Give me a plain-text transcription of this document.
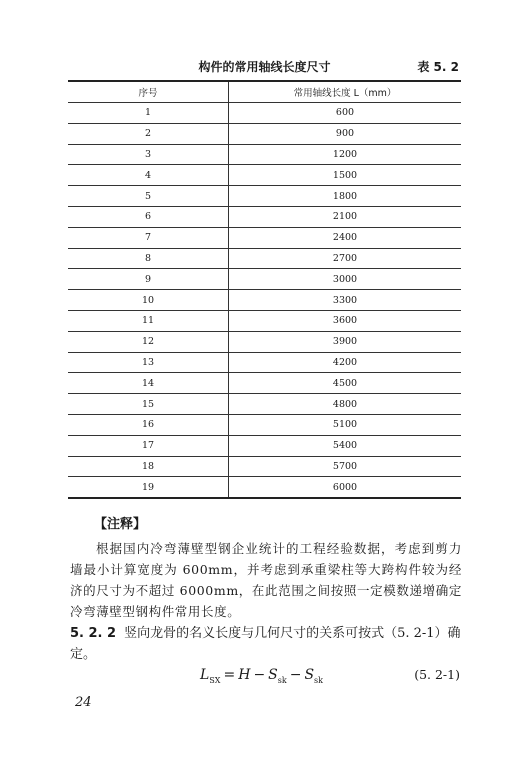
构件的常用轴线长度尺寸	表 5. 2
序号	常用轴线长度 L（mm）
1	600
2	900
3	1200
4	1500
5	1800
6	2100
7	2400
8	2700
9	3000
10	3300
11	3600
12	3900
13	4200
14	4500
15	4800
16	5100
17	5400
18	5700
19	6000
【注释】

根据国内冷弯薄壁型钢企业统计的工程经验数据，考虑到剪力墙最小计算宽度为 600mm，并考虑到承重梁柱等大跨构件较为经济的尺寸为不超过 6000mm，在此范围之间按照一定模数递增确定冷弯薄壁型钢构件常用长度。

5. 2. 2 竖向龙骨的名义长度与几何尺寸的关系可按式（5. 2-1）确定。

$L_{SX} = H - S_{sk} - S_{sk}$	(5. 2-1)
24
